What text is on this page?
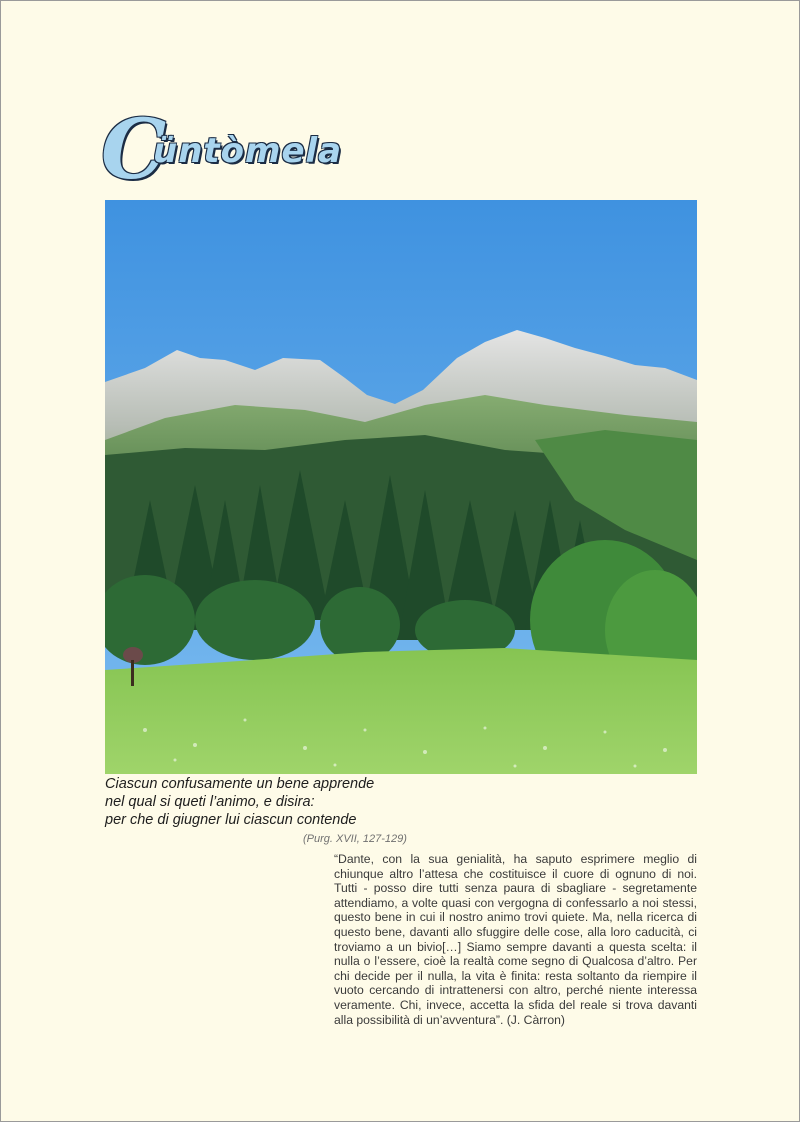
C
üntòmela
Ciascun confusamente un bene apprende
nel qual si queti l’animo, e disira:
per che di giugner lui ciascun contende
(Purg. XVII, 127-129)
“Dante, con la sua genialità, ha saputo esprimere meglio di chiunque altro l’attesa che costituisce il cuore di ognuno di noi. Tutti - posso dire tutti senza paura di sbagliare - segretamente attendiamo, a volte quasi con vergogna di confessarlo a noi stessi, questo bene in cui il nostro animo trovi quiete. Ma, nella ricerca di questo bene, davanti allo sfuggire delle cose, alla loro caducità, ci troviamo a un bivio[…] Siamo sempre davanti a questa scelta: il nulla o l’essere, cioè la realtà come segno di Qualcosa d’altro. Per chi decide per il nulla, la vita è finita: resta soltanto da riempire il vuoto cercando di intrattenersi con altro, perché niente interessa veramente. Chi, invece, accetta la sfida del reale si trova davanti alla possibilità di un’avventura”. (J. Càrron)
